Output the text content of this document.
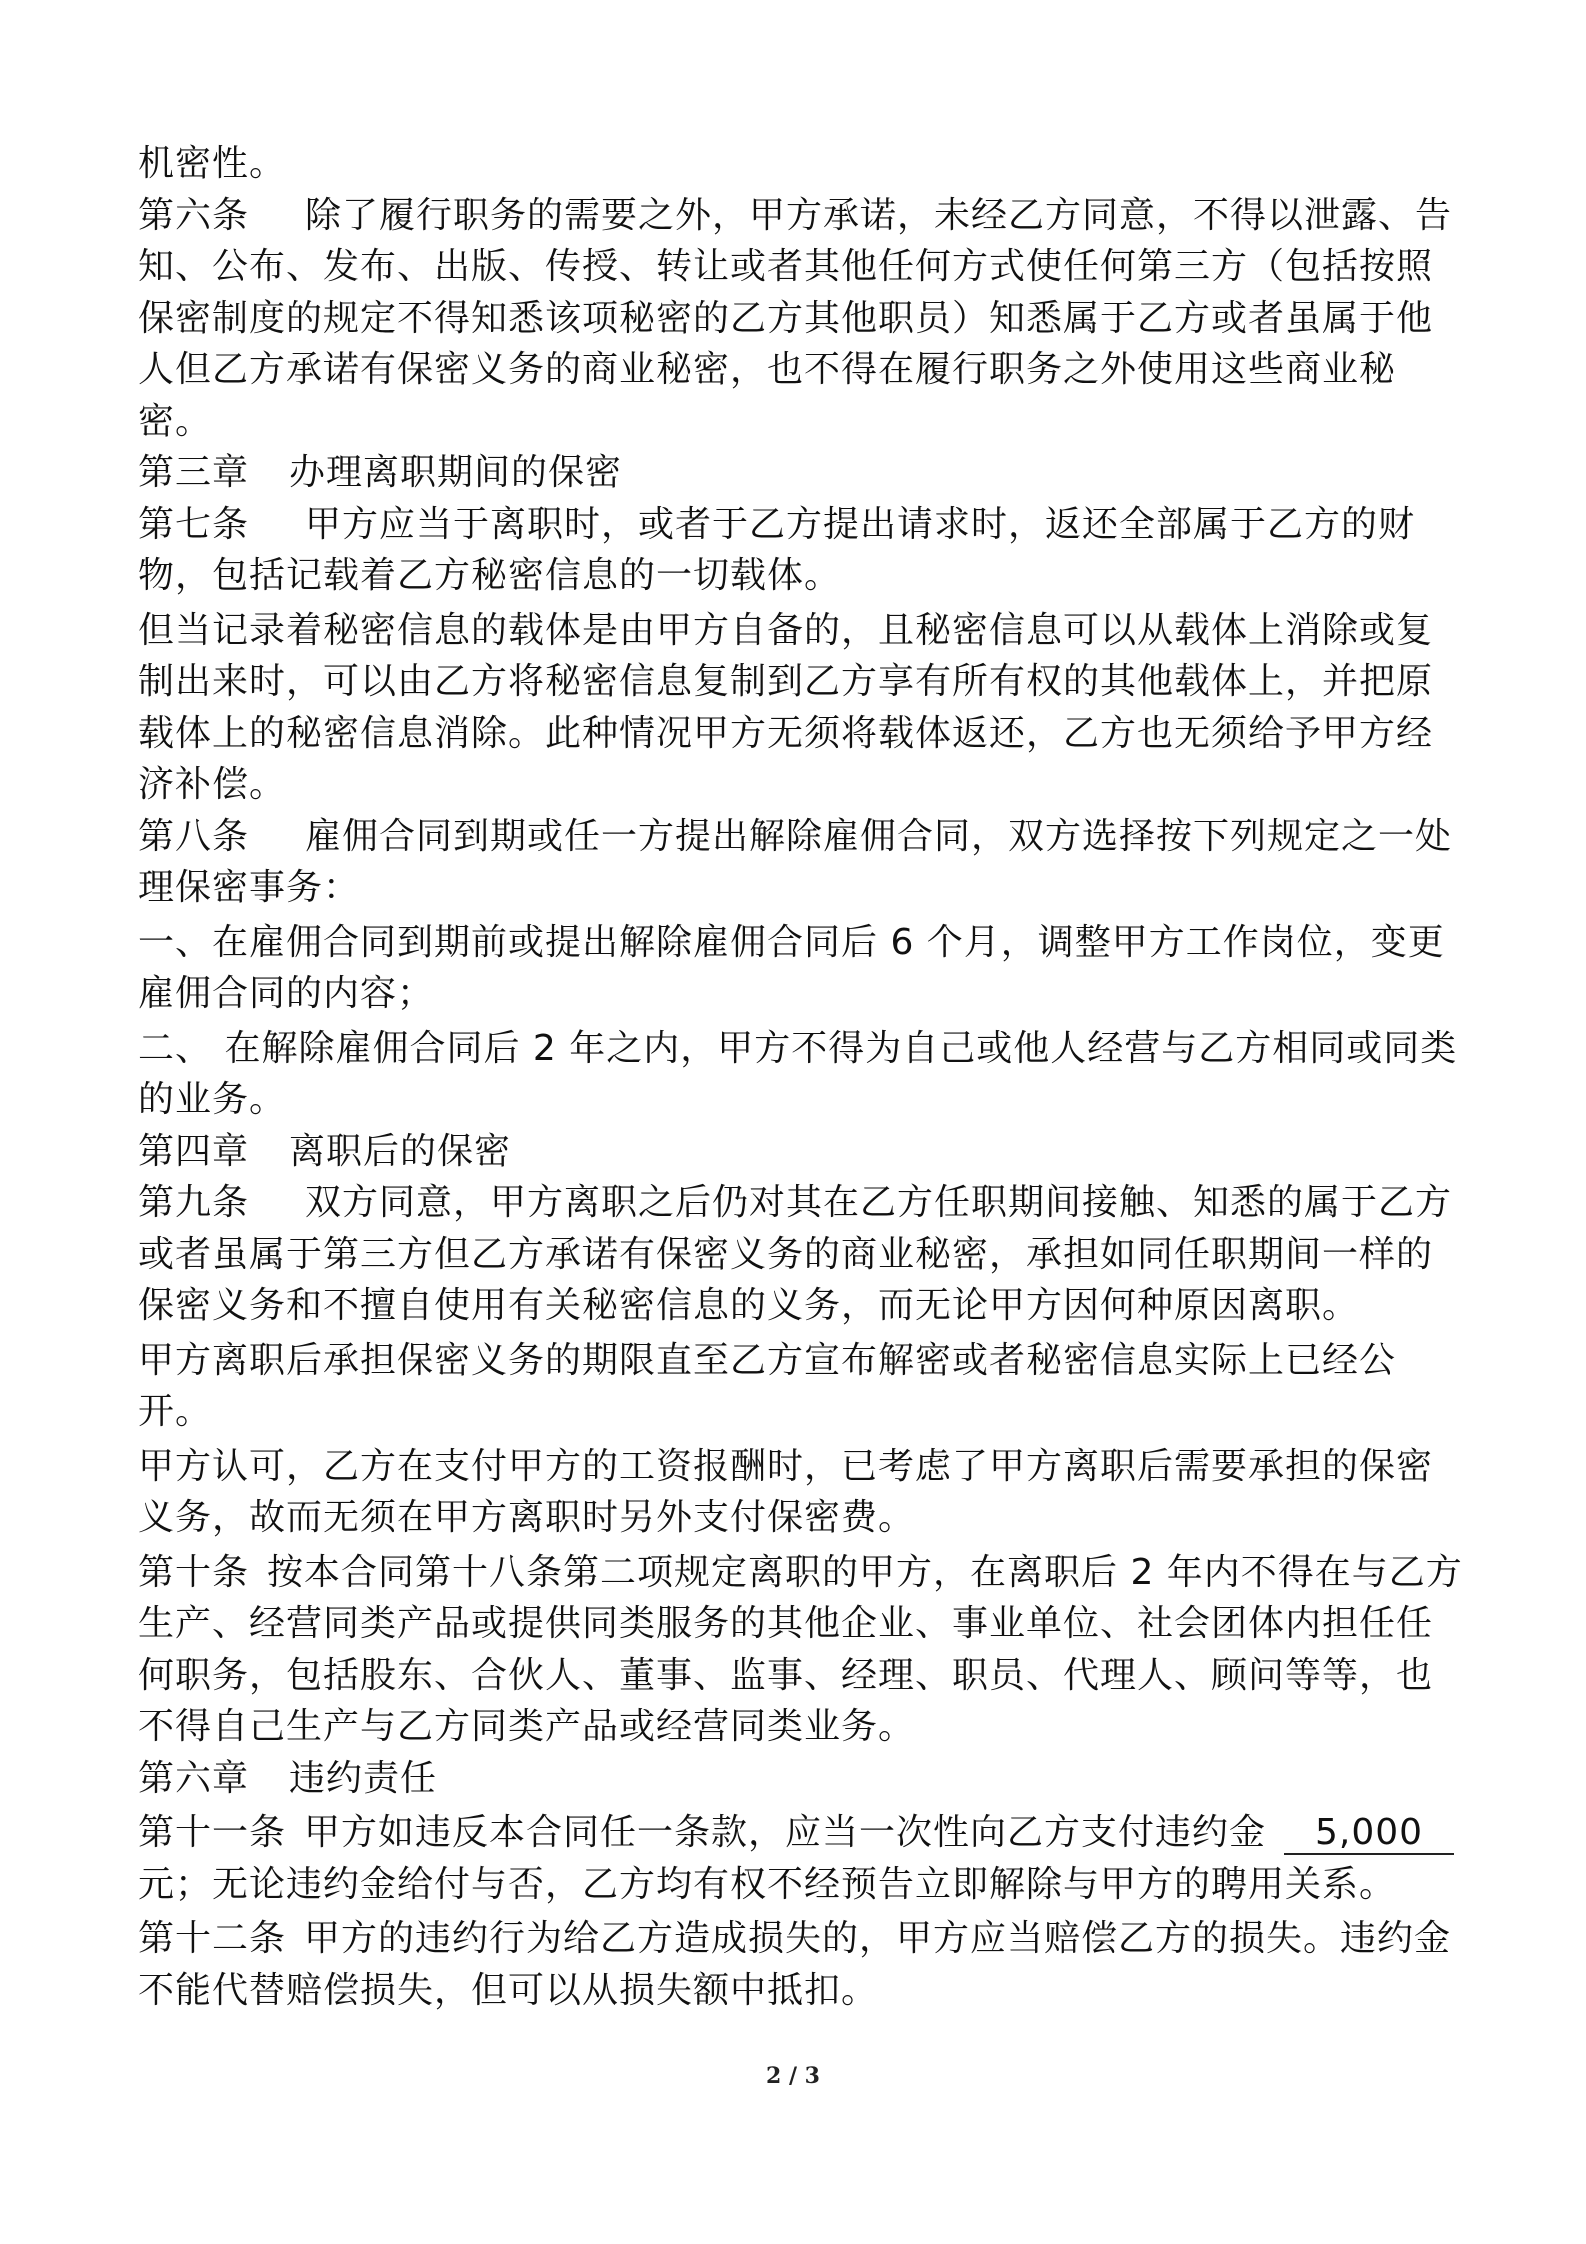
机密性。

第六条 除了履行职务的需要之外，甲方承诺，未经乙方同意，不得以泄露、告知、公布、发布、出版、传授、转让或者其他任何方式使任何第三方（包括按照保密制度的规定不得知悉该项秘密的乙方其他职员）知悉属于乙方或者虽属于他人但乙方承诺有保密义务的商业秘密，也不得在履行职务之外使用这些商业秘密。

第三章 办理离职期间的保密

第七条 甲方应当于离职时，或者于乙方提出请求时，返还全部属于乙方的财物，包括记载着乙方秘密信息的一切载体。

但当记录着秘密信息的载体是由甲方自备的，且秘密信息可以从载体上消除或复制出来时，可以由乙方将秘密信息复制到乙方享有所有权的其他载体上，并把原载体上的秘密信息消除。此种情况甲方无须将载体返还，乙方也无须给予甲方经济补偿。

第八条 雇佣合同到期或任一方提出解除雇佣合同，双方选择按下列规定之一处理保密事务：

一、在雇佣合同到期前或提出解除雇佣合同后 6 个月，调整甲方工作岗位，变更雇佣合同的内容；

二、 在解除雇佣合同后 2 年之内，甲方不得为自己或他人经营与乙方相同或同类的业务。

第四章 离职后的保密

第九条 双方同意，甲方离职之后仍对其在乙方任职期间接触、知悉的属于乙方或者虽属于第三方但乙方承诺有保密义务的商业秘密，承担如同任职期间一样的保密义务和不擅自使用有关秘密信息的义务，而无论甲方因何种原因离职。

甲方离职后承担保密义务的期限直至乙方宣布解密或者秘密信息实际上已经公开。

甲方认可，乙方在支付甲方的工资报酬时，已考虑了甲方离职后需要承担的保密义务，故而无须在甲方离职时另外支付保密费。

第十条 按本合同第十八条第二项规定离职的甲方，在离职后 2 年内不得在与乙方生产、经营同类产品或提供同类服务的其他企业、事业单位、社会团体内担任任何职务，包括股东、合伙人、董事、监事、经理、职员、代理人、顾问等等，也不得自己生产与乙方同类产品或经营同类业务。

第六章 违约责任

第十一条 甲方如违反本合同任一条款，应当一次性向乙方支付违约金 5,000元；无论违约金给付与否，乙方均有权不经预告立即解除与甲方的聘用关系。

第十二条 甲方的违约行为给乙方造成损失的，甲方应当赔偿乙方的损失。违约金不能代替赔偿损失，但可以从损失额中抵扣。

2 / 3
